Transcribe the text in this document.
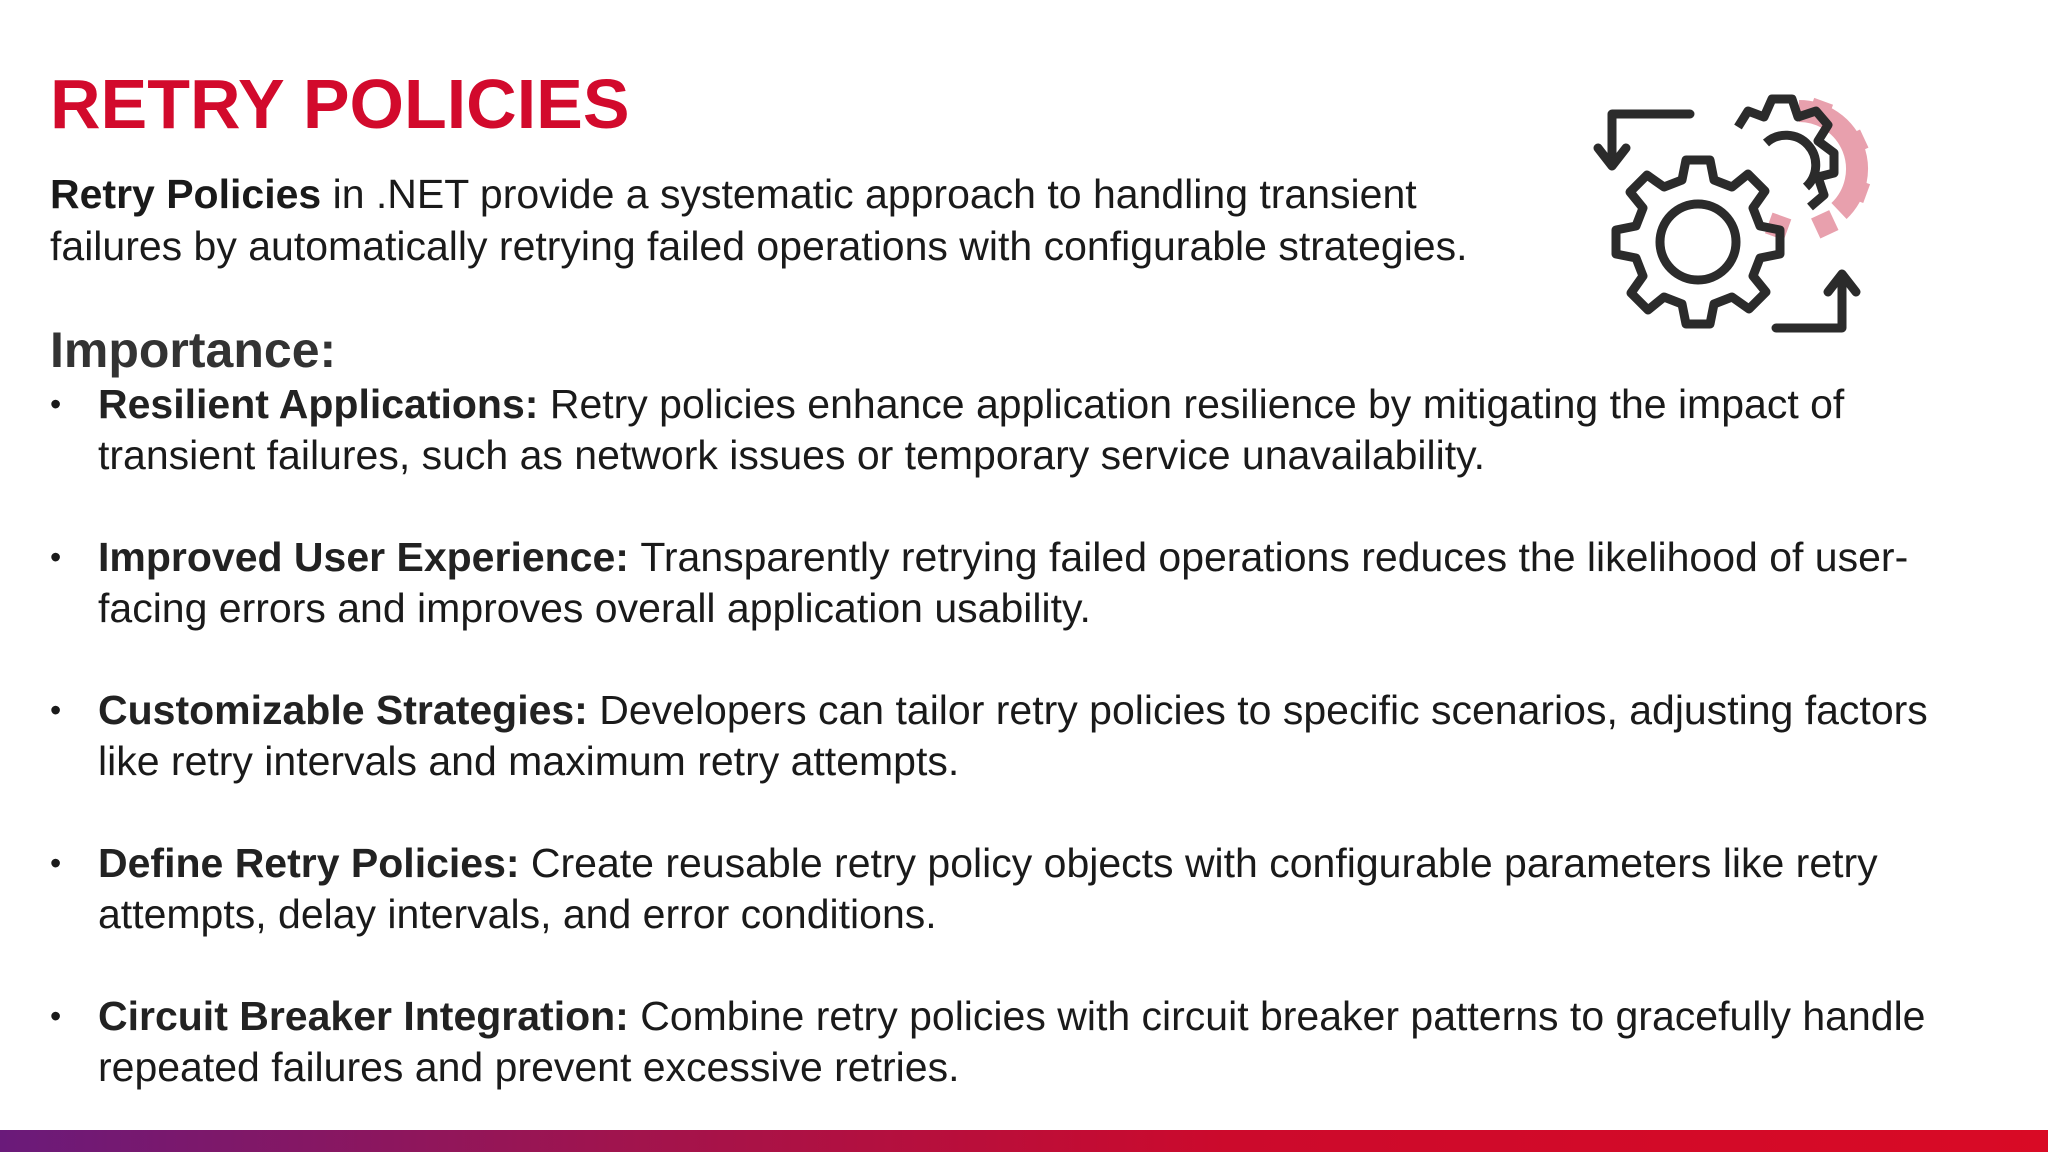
RETRY POLICIES

Retry Policies in .NET provide a systematic approach to handling transient failures by automatically retrying failed operations with configurable strategies.

Importance:
• Resilient Applications: Retry policies enhance application resilience by mitigating the impact of transient failures, such as network issues or temporary service unavailability.
• Improved User Experience: Transparently retrying failed operations reduces the likelihood of user-facing errors and improves overall application usability.
• Customizable Strategies: Developers can tailor retry policies to specific scenarios, adjusting factors like retry intervals and maximum retry attempts.
• Define Retry Policies: Create reusable retry policy objects with configurable parameters like retry attempts, delay intervals, and error conditions.
• Circuit Breaker Integration: Combine retry policies with circuit breaker patterns to gracefully handle repeated failures and prevent excessive retries.
